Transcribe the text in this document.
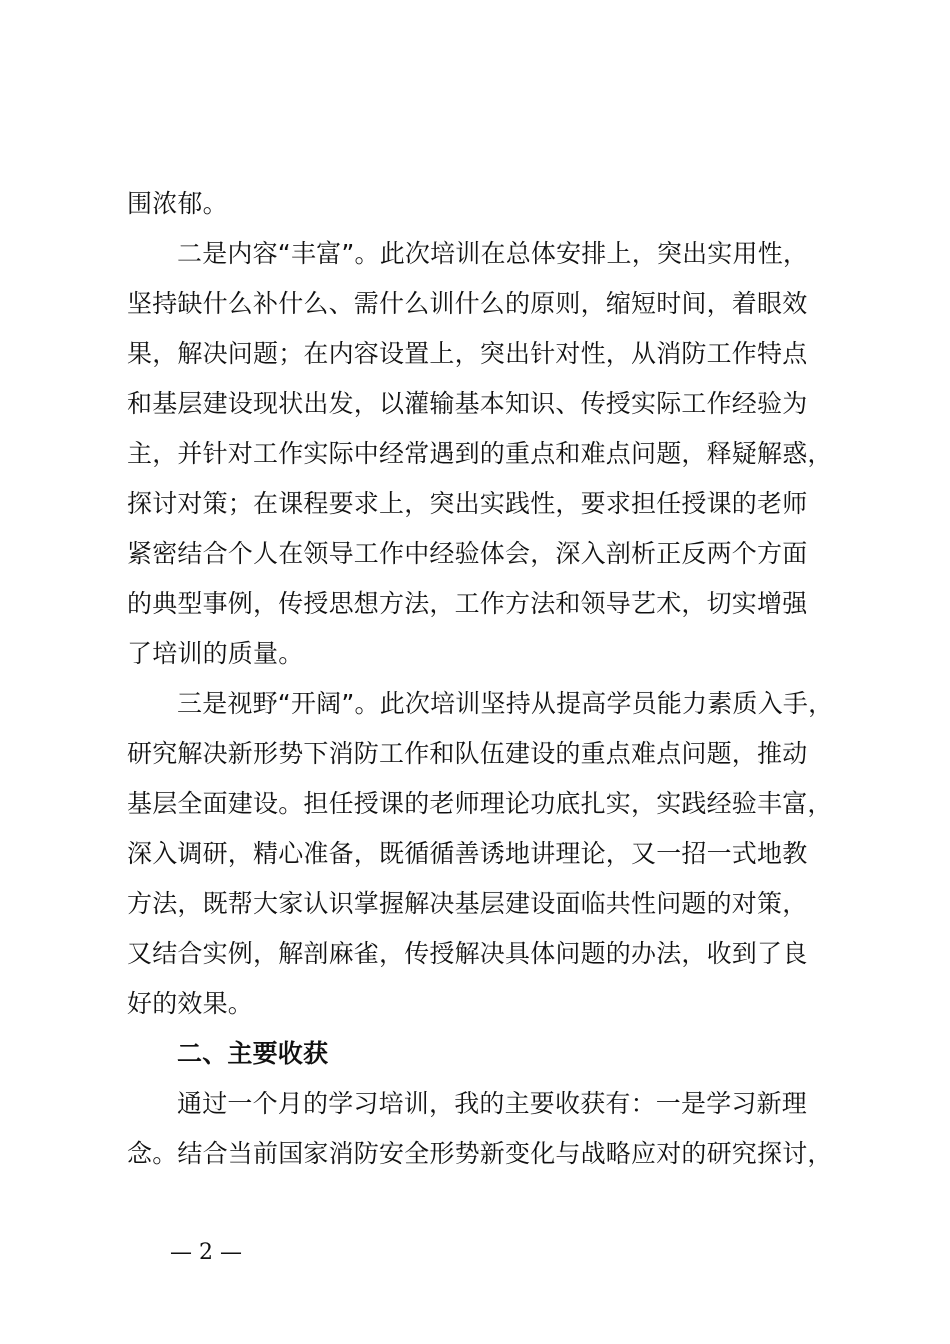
围浓郁。
二是内容“丰富”。此次培训在总体安排上，突出实用性，
坚持缺什么补什么、需什么训什么的原则，缩短时间，着眼效
果，解决问题；在内容设置上，突出针对性，从消防工作特点
和基层建设现状出发，以灌输基本知识、传授实际工作经验为
主，并针对工作实际中经常遇到的重点和难点问题，释疑解惑，
探讨对策；在课程要求上，突出实践性，要求担任授课的老师
紧密结合个人在领导工作中经验体会，深入剖析正反两个方面
的典型事例，传授思想方法，工作方法和领导艺术，切实增强
了培训的质量。
三是视野“开阔”。此次培训坚持从提高学员能力素质入手，
研究解决新形势下消防工作和队伍建设的重点难点问题，推动
基层全面建设。担任授课的老师理论功底扎实，实践经验丰富，
深入调研，精心准备，既循循善诱地讲理论，又一招一式地教
方法，既帮大家认识掌握解决基层建设面临共性问题的对策，
又结合实例，解剖麻雀，传授解决具体问题的办法，收到了良
好的效果。
二、主要收获
通过一个月的学习培训，我的主要收获有：一是学习新理
念。结合当前国家消防安全形势新变化与战略应对的研究探讨，
— 2 —
